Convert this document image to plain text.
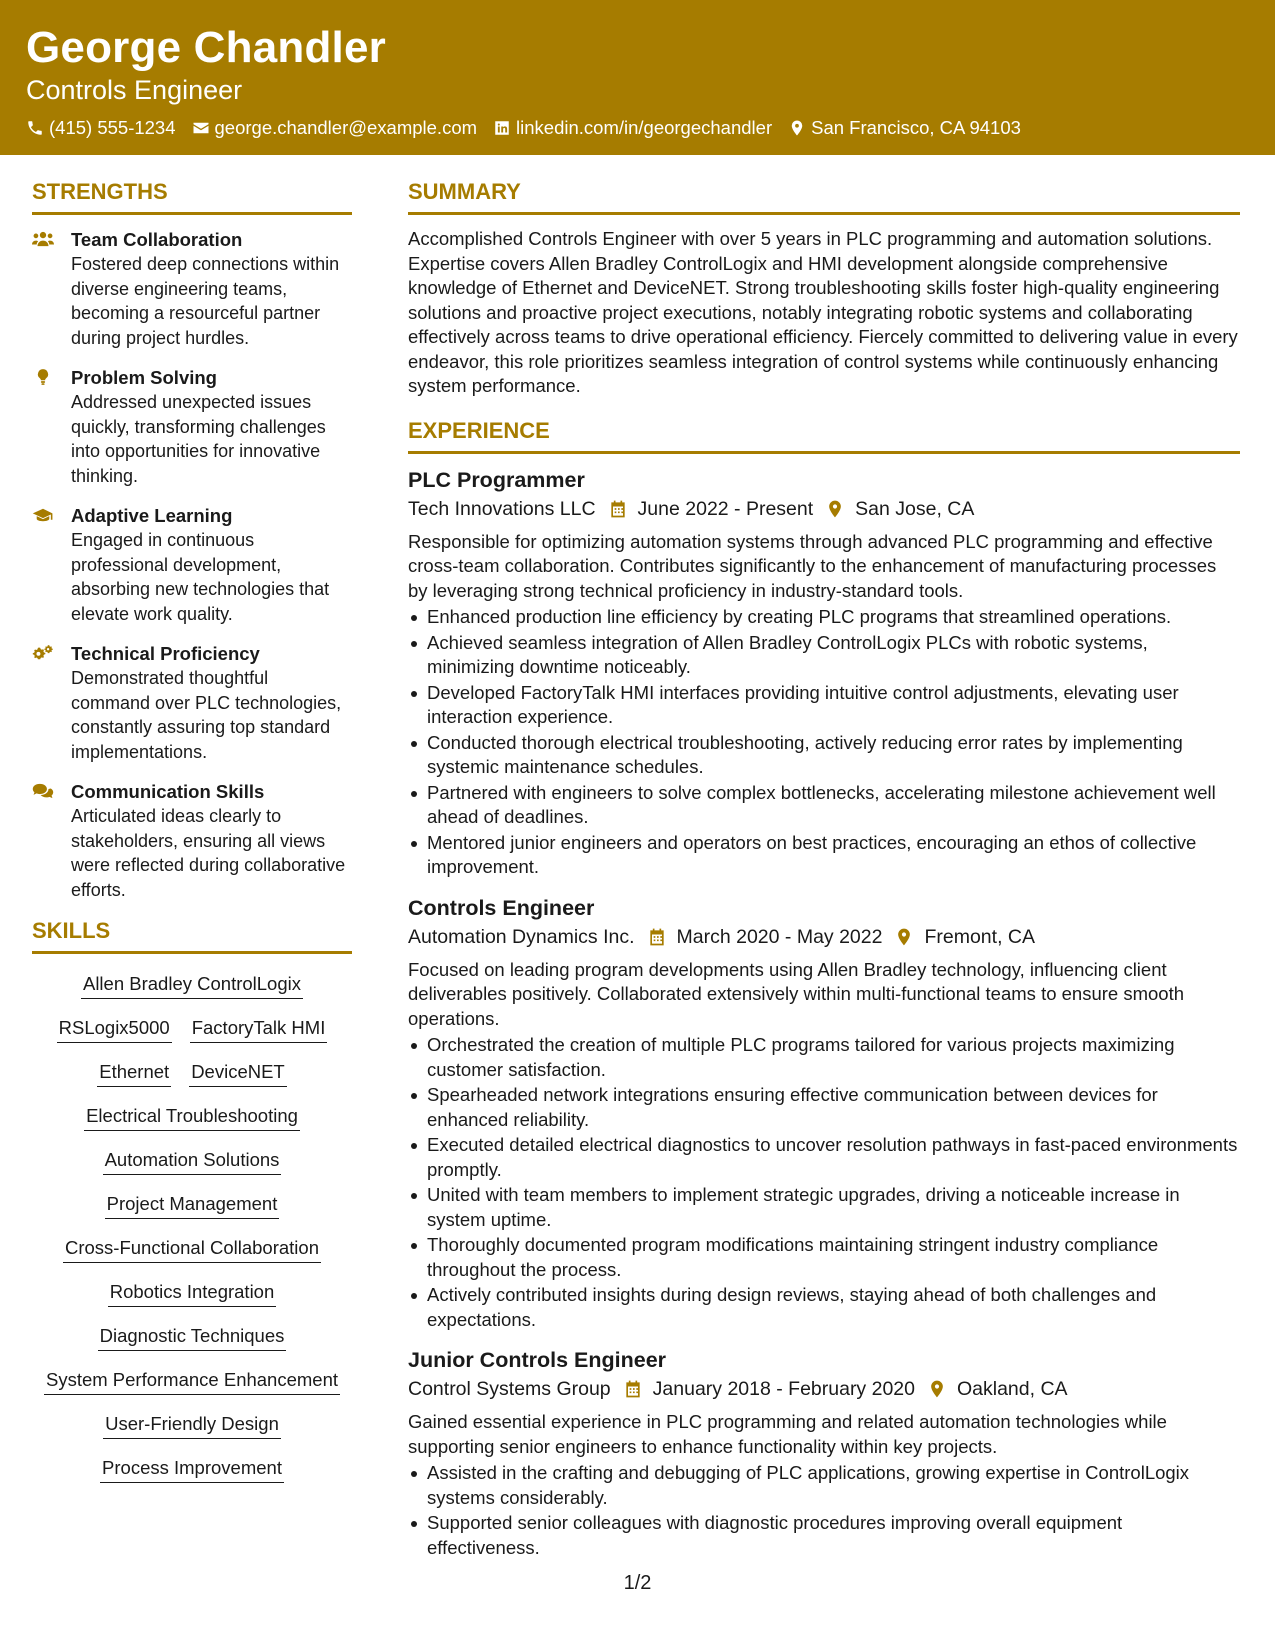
George Chandler
Controls Engineer
(415) 555-1234 george.chandler@example.com linkedin.com/in/georgechandler San Francisco, CA 94103
STRENGTHS
Team Collaboration
Fostered deep connections within diverse engineering teams, becoming a resourceful partner during project hurdles.
Problem Solving
Addressed unexpected issues quickly, transforming challenges into opportunities for innovative thinking.
Adaptive Learning
Engaged in continuous professional development, absorbing new technologies that elevate work quality.
Technical Proficiency
Demonstrated thoughtful command over PLC technologies, constantly assuring top standard implementations.
Communication Skills
Articulated ideas clearly to stakeholders, ensuring all views were reflected during collaborative efforts.
SKILLS
Allen Bradley ControlLogix
RSLogix5000 FactoryTalk HMI
Ethernet DeviceNET
Electrical Troubleshooting
Automation Solutions
Project Management
Cross-Functional Collaboration
Robotics Integration
Diagnostic Techniques
System Performance Enhancement
User-Friendly Design
Process Improvement
SUMMARY
Accomplished Controls Engineer with over 5 years in PLC programming and automation solutions. Expertise covers Allen Bradley ControlLogix and HMI development alongside comprehensive knowledge of Ethernet and DeviceNET. Strong troubleshooting skills foster high-quality engineering solutions and proactive project executions, notably integrating robotic systems and collaborating effectively across teams to drive operational efficiency. Fiercely committed to delivering value in every endeavor, this role prioritizes seamless integration of control systems while continuously enhancing system performance.
EXPERIENCE
PLC Programmer
Tech Innovations LLC June 2022 - Present San Jose, CA
Responsible for optimizing automation systems through advanced PLC programming and effective cross-team collaboration. Contributes significantly to the enhancement of manufacturing processes by leveraging strong technical proficiency in industry-standard tools.
Enhanced production line efficiency by creating PLC programs that streamlined operations.
Achieved seamless integration of Allen Bradley ControlLogix PLCs with robotic systems, minimizing downtime noticeably.
Developed FactoryTalk HMI interfaces providing intuitive control adjustments, elevating user interaction experience.
Conducted thorough electrical troubleshooting, actively reducing error rates by implementing systemic maintenance schedules.
Partnered with engineers to solve complex bottlenecks, accelerating milestone achievement well ahead of deadlines.
Mentored junior engineers and operators on best practices, encouraging an ethos of collective improvement.
Controls Engineer
Automation Dynamics Inc. March 2020 - May 2022 Fremont, CA
Focused on leading program developments using Allen Bradley technology, influencing client deliverables positively. Collaborated extensively within multi-functional teams to ensure smooth operations.
Orchestrated the creation of multiple PLC programs tailored for various projects maximizing customer satisfaction.
Spearheaded network integrations ensuring effective communication between devices for enhanced reliability.
Executed detailed electrical diagnostics to uncover resolution pathways in fast-paced environments promptly.
United with team members to implement strategic upgrades, driving a noticeable increase in system uptime.
Thoroughly documented program modifications maintaining stringent industry compliance throughout the process.
Actively contributed insights during design reviews, staying ahead of both challenges and expectations.
Junior Controls Engineer
Control Systems Group January 2018 - February 2020 Oakland, CA
Gained essential experience in PLC programming and related automation technologies while supporting senior engineers to enhance functionality within key projects.
Assisted in the crafting and debugging of PLC applications, growing expertise in ControlLogix systems considerably.
Supported senior colleagues with diagnostic procedures improving overall equipment effectiveness.
1/2
